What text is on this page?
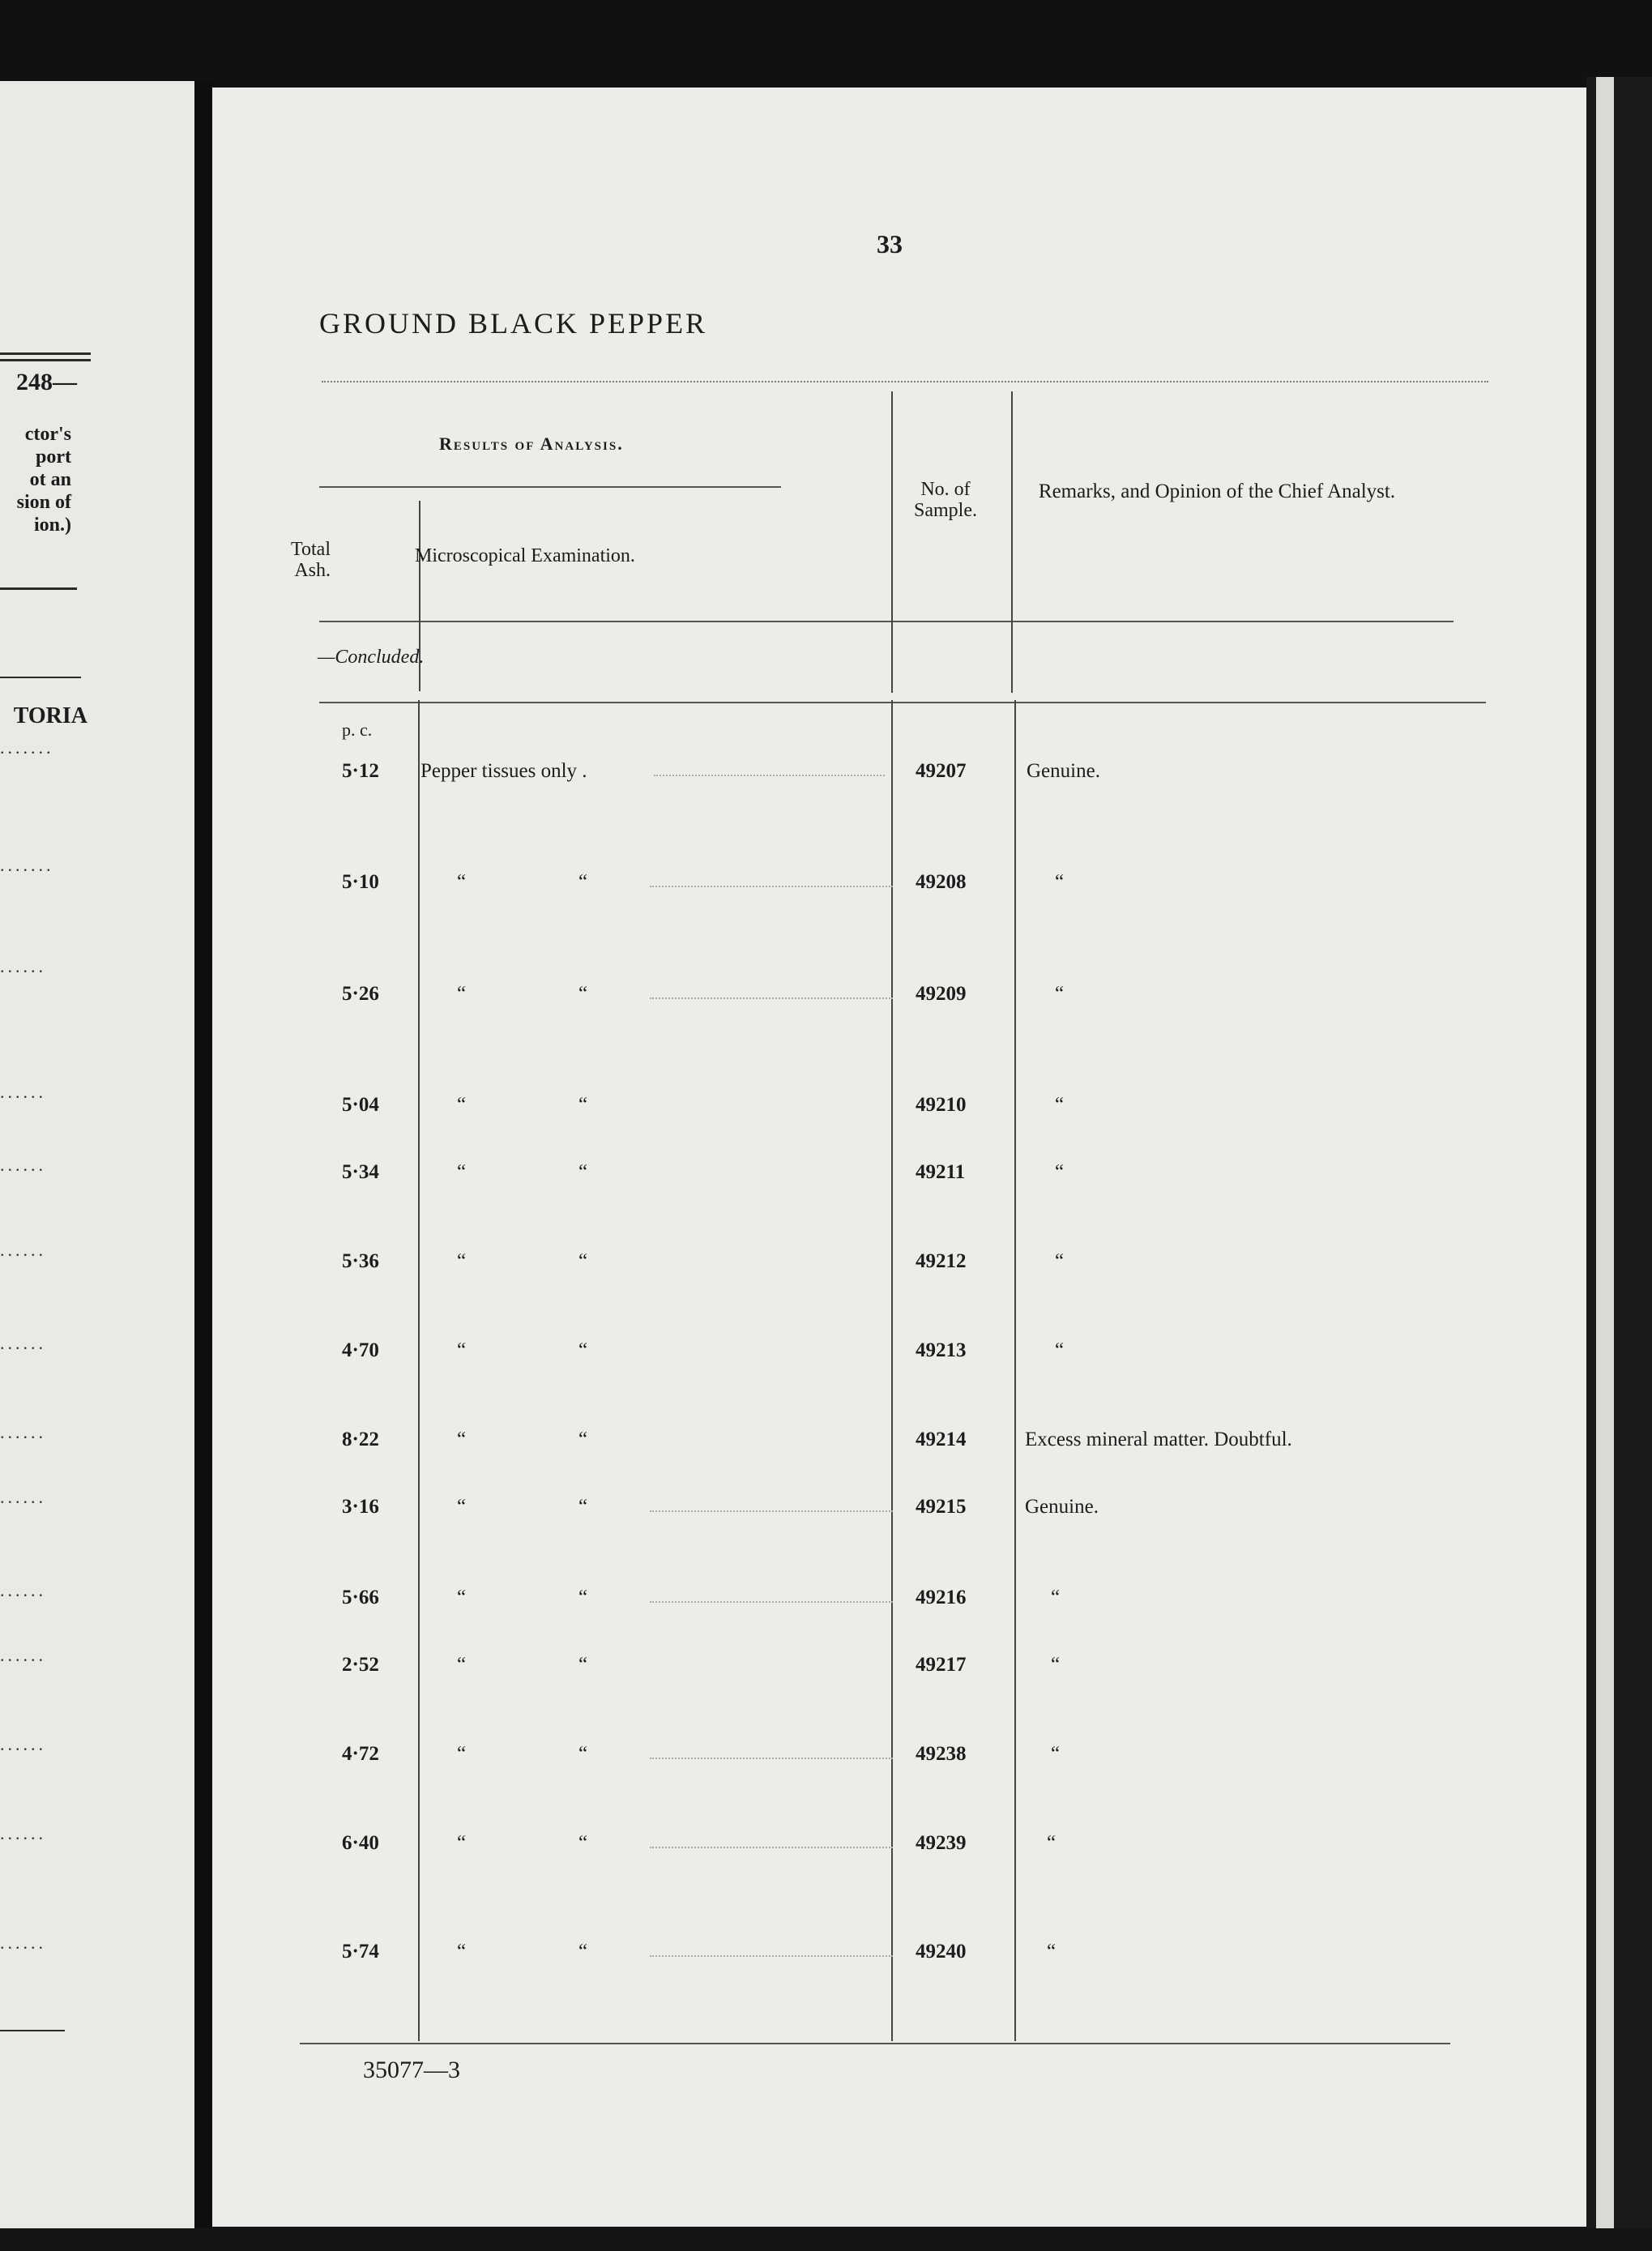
248—
ctor's
port
ot an
sion of
ion.)
TORIA
.......
.......
......
......
......
......
......
......
......
......
......
......
......
......
33
GROUND BLACK PEPPER
Results of Analysis.
No. of Sample.
Remarks, and Opinion of the Chief Analyst.
Total Ash.
Microscopical Examination.
—Concluded.
p. c.
5·12 Pepper tissues only .	49207	Genuine.
5·10	“	“	49208	“
5·26	“	“	49209	“
5·04	“	“	49210	“
5·34	“	“	49211	“
5·36	“	“	49212	“
4·70	“	“	49213	“
8·22	“	“	49214	Excess mineral matter. Doubtful.
3·16	“	“	49215	Genuine.
5·66	“	“	49216	“
2·52	“	“	49217	“
4·72	“	“	49238	“
6·40	“	“	49239	“
5·74	“	“	49240	“
35077—3
